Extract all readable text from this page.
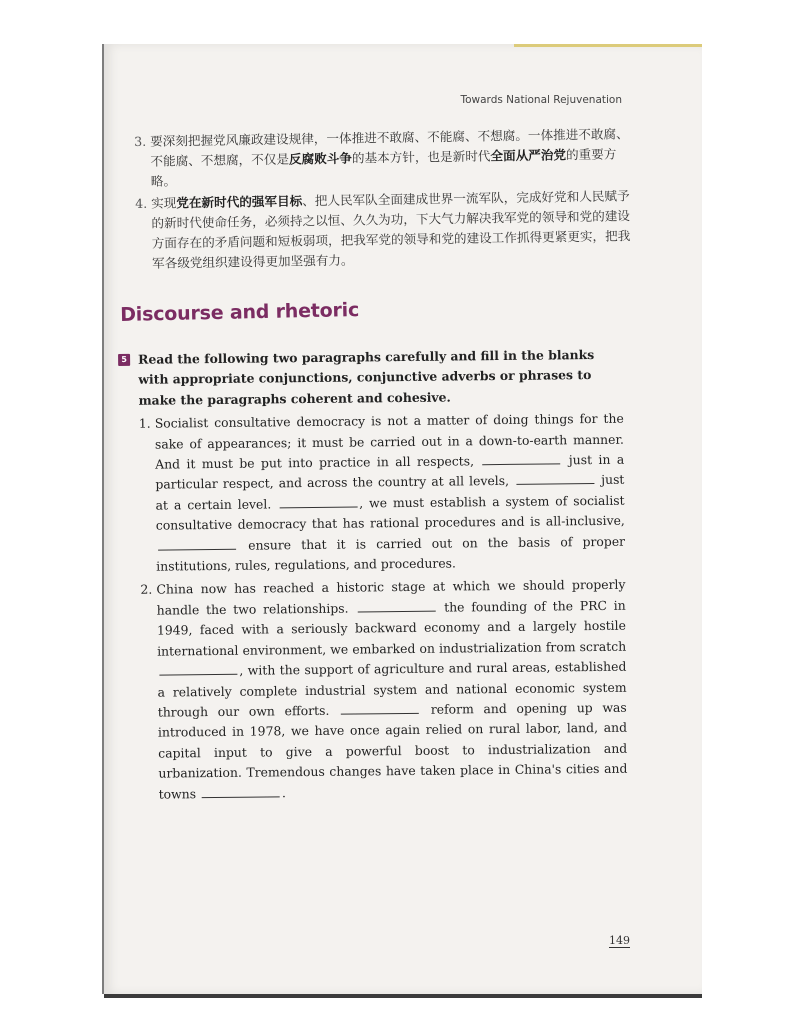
Towards National Rejuvenation
3. 要深刻把握党风廉政建设规律，一体推进不敢腐、不能腐、不想腐。一体推进不敢腐、不能腐、不想腐，不仅是反腐败斗争的基本方针，也是新时代全面从严治党的重要方略。
4. 实现党在新时代的强军目标、把人民军队全面建成世界一流军队，完成好党和人民赋予的新时代使命任务，必须持之以恒、久久为功，下大气力解决我军党的领导和党的建设方面存在的矛盾问题和短板弱项，把我军党的领导和党的建设工作抓得更紧更实，把我军各级党组织建设得更加坚强有力。
Discourse and rhetoric
5 Read the following two paragraphs carefully and fill in the blanks with appropriate conjunctions, conjunctive adverbs or phrases to make the paragraphs coherent and cohesive.
1. Socialist consultative democracy is not a matter of doing things for the sake of appearances; it must be carried out in a down-to-earth manner. And it must be put into practice in all respects,	just in a particular respect, and across the country at all levels,	just at a certain level.	, we must establish a system of socialist consultative democracy that has rational procedures and is all-inclusive,  ensure that it is carried out on the basis of proper institutions, rules, regulations, and procedures.
2. China now has reached a historic stage at which we should properly handle the two relationships.	the founding of the PRC in 1949, faced with a seriously backward economy and a largely hostile international environment, we embarked on industrialization from scratch , with the support of agriculture and rural areas, established a relatively complete industrial system and national economic system through our own efforts.	reform and opening up was introduced in 1978, we have once again relied on rural labor, land, and capital input to give a powerful boost to industrialization and urbanization. Tremendous changes have taken place in China's cities and towns	.
149
